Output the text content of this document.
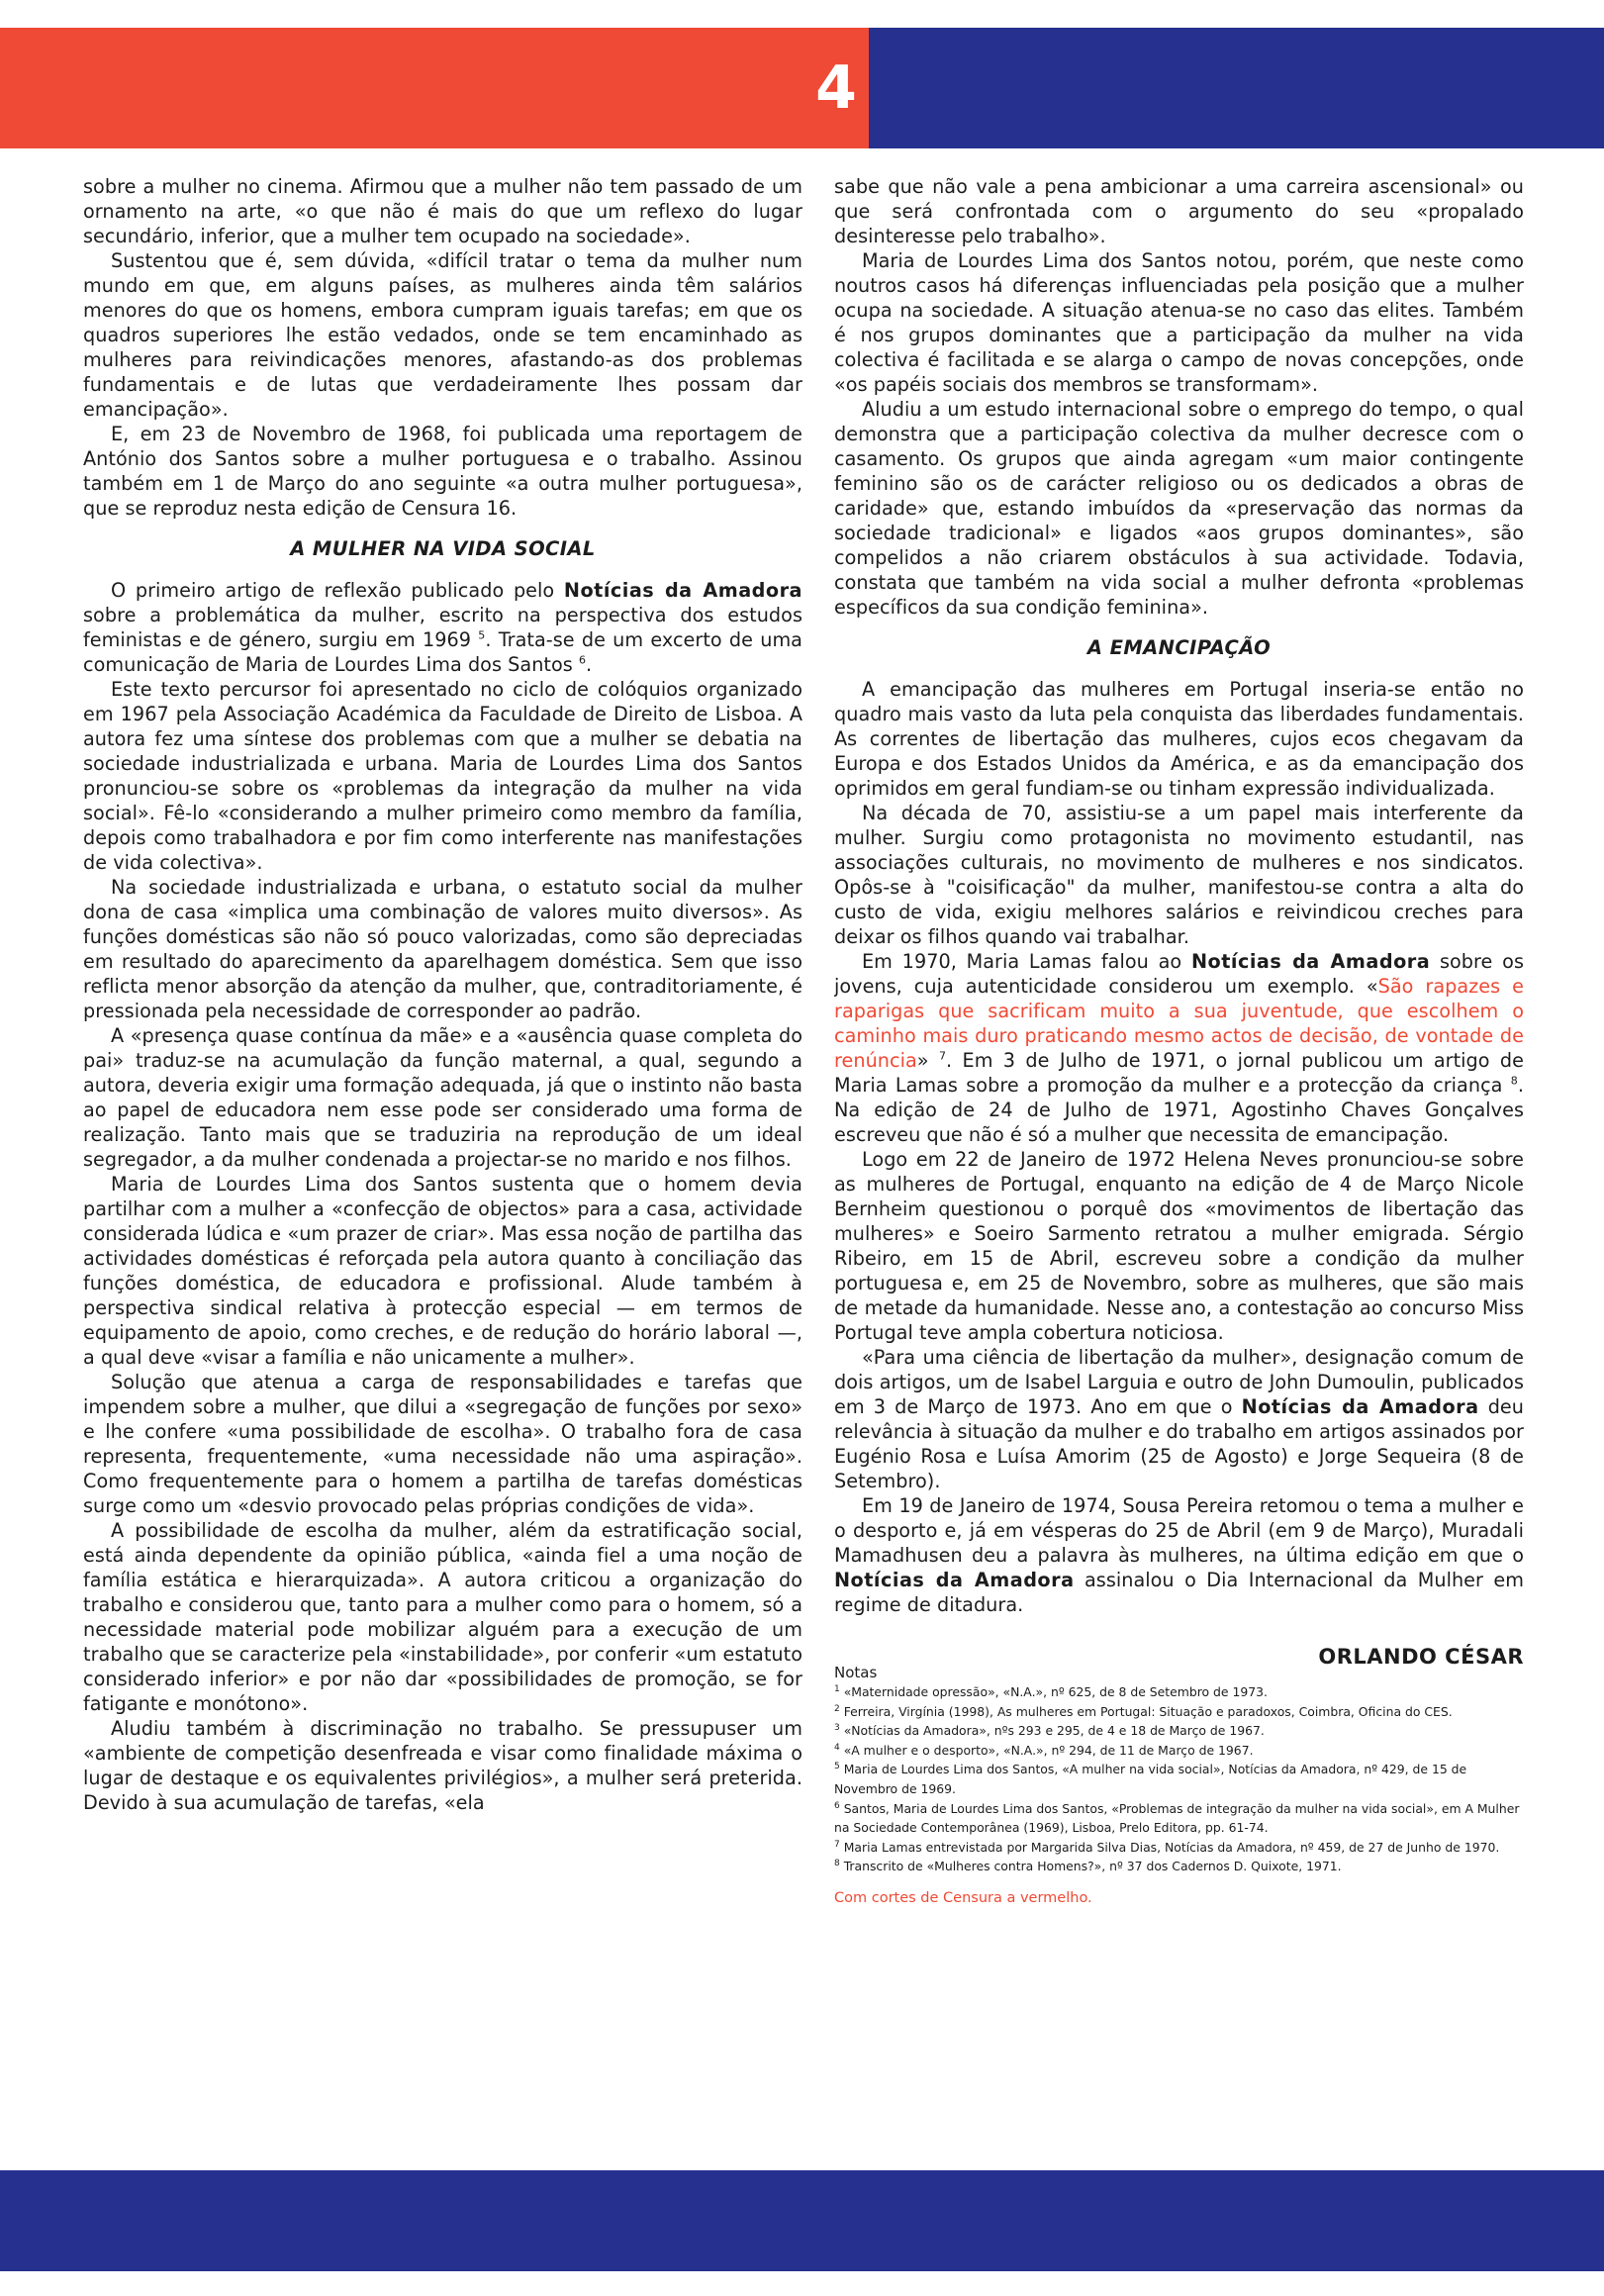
4

sobre a mulher no cinema. Afirmou que a mulher não tem passado de um ornamento na arte, «o que não é mais do que um reflexo do lugar secundário, inferior, que a mulher tem ocupado na sociedade».

Sustentou que é, sem dúvida, «difícil tratar o tema da mulher num mundo em que, em alguns países, as mulheres ainda têm salários menores do que os homens, embora cumpram iguais tarefas; em que os quadros superiores lhe estão vedados, onde se tem encaminhado as mulheres para reivindicações menores, afastando-as dos problemas fundamentais e de lutas que verdadeiramente lhes possam dar emancipação».

E, em 23 de Novembro de 1968, foi publicada uma reportagem de António dos Santos sobre a mulher portuguesa e o trabalho. Assinou também em 1 de Março do ano seguinte «a outra mulher portuguesa», que se reproduz nesta edição de Censura 16.

A MULHER NA VIDA SOCIAL

O primeiro artigo de reflexão publicado pelo Notícias da Amadora sobre a problemática da mulher, escrito na perspectiva dos estudos feministas e de género, surgiu em 1969 $^5$. Trata-se de um excerto de uma comunicação de Maria de Lourdes Lima dos Santos $^6$.

Este texto percursor foi apresentado no ciclo de colóquios organizado em 1967 pela Associação Académica da Faculdade de Direito de Lisboa. A autora fez uma síntese dos problemas com que a mulher se debatia na sociedade industrializada e urbana. Maria de Lourdes Lima dos Santos pronunciou-se sobre os «problemas da integração da mulher na vida social». Fê-lo «considerando a mulher primeiro como membro da família, depois como trabalhadora e por fim como interferente nas manifestações de vida colectiva».

Na sociedade industrializada e urbana, o estatuto social da mulher dona de casa «implica uma combinação de valores muito diversos». As funções domésticas são não só pouco valorizadas, como são depreciadas em resultado do aparecimento da aparelhagem doméstica. Sem que isso reflicta menor absorção da atenção da mulher, que, contraditoriamente, é pressionada pela necessidade de corresponder ao padrão.

A «presença quase contínua da mãe» e a «ausência quase completa do pai» traduz-se na acumulação da função maternal, a qual, segundo a autora, deveria exigir uma formação adequada, já que o instinto não basta ao papel de educadora nem esse pode ser considerado uma forma de realização. Tanto mais que se traduziria na reprodução de um ideal segregador, a da mulher condenada a projectar-se no marido e nos filhos.

Maria de Lourdes Lima dos Santos sustenta que o homem devia partilhar com a mulher a «confecção de objectos» para a casa, actividade considerada lúdica e «um prazer de criar». Mas essa noção de partilha das actividades domésticas é reforçada pela autora quanto à conciliação das funções doméstica, de educadora e profissional. Alude também à perspectiva sindical relativa à protecção especial — em termos de equipamento de apoio, como creches, e de redução do horário laboral —, a qual deve «visar a família e não unicamente a mulher».

Solução que atenua a carga de responsabilidades e tarefas que impendem sobre a mulher, que dilui a «segregação de funções por sexo» e lhe confere «uma possibilidade de escolha». O trabalho fora de casa representa, frequentemente, «uma necessidade não uma aspiração». Como frequentemente para o homem a partilha de tarefas domésticas surge como um «desvio provocado pelas próprias condições de vida».

A possibilidade de escolha da mulher, além da estratificação social, está ainda dependente da opinião pública, «ainda fiel a uma noção de família estática e hierarquizada». A autora criticou a organização do trabalho e considerou que, tanto para a mulher como para o homem, só a necessidade material pode mobilizar alguém para a execução de um trabalho que se caracterize pela «instabilidade», por conferir «um estatuto considerado inferior» e por não dar «possibilidades de promoção, se for fatigante e monótono».

Aludiu também à discriminação no trabalho. Se pressupuser um «ambiente de competição desenfreada e visar como finalidade máxima o lugar de destaque e os equivalentes privilégios», a mulher será preterida. Devido à sua acumulação de tarefas, «ela

sabe que não vale a pena ambicionar a uma carreira ascensional» ou que será confrontada com o argumento do seu «propalado desinteresse pelo trabalho».

Maria de Lourdes Lima dos Santos notou, porém, que neste como noutros casos há diferenças influenciadas pela posição que a mulher ocupa na sociedade. A situação atenua-se no caso das elites. Também é nos grupos dominantes que a participação da mulher na vida colectiva é facilitada e se alarga o campo de novas concepções, onde «os papéis sociais dos membros se transformam».

Aludiu a um estudo internacional sobre o emprego do tempo, o qual demonstra que a participação colectiva da mulher decresce com o casamento. Os grupos que ainda agregam «um maior contingente feminino são os de carácter religioso ou os dedicados a obras de caridade» que, estando imbuídos da «preservação das normas da sociedade tradicional» e ligados «aos grupos dominantes», são compelidos a não criarem obstáculos à sua actividade. Todavia, constata que também na vida social a mulher defronta «problemas específicos da sua condição feminina».

A EMANCIPAÇÃO

A emancipação das mulheres em Portugal inseria-se então no quadro mais vasto da luta pela conquista das liberdades fundamentais. As correntes de libertação das mulheres, cujos ecos chegavam da Europa e dos Estados Unidos da América, e as da emancipação dos oprimidos em geral fundiam-se ou tinham expressão individualizada.

Na década de 70, assistiu-se a um papel mais interferente da mulher. Surgiu como protagonista no movimento estudantil, nas associações culturais, no movimento de mulheres e nos sindicatos. Opôs-se à "coisificação" da mulher, manifestou-se contra a alta do custo de vida, exigiu melhores salários e reivindicou creches para deixar os filhos quando vai trabalhar.

Em 1970, Maria Lamas falou ao Notícias da Amadora sobre os jovens, cuja autenticidade considerou um exemplo. «São rapazes e raparigas que sacrificam muito a sua juventude, que escolhem o caminho mais duro praticando mesmo actos de decisão, de vontade de renúncia» $^7$. Em 3 de Julho de 1971, o jornal publicou um artigo de Maria Lamas sobre a promoção da mulher e a protecção da criança $^8$. Na edição de 24 de Julho de 1971, Agostinho Chaves Gonçalves escreveu que não é só a mulher que necessita de emancipação.

Logo em 22 de Janeiro de 1972 Helena Neves pronunciou-se sobre as mulheres de Portugal, enquanto na edição de 4 de Março Nicole Bernheim questionou o porquê dos «movimentos de libertação das mulheres» e Soeiro Sarmento retratou a mulher emigrada. Sérgio Ribeiro, em 15 de Abril, escreveu sobre a condição da mulher portuguesa e, em 25 de Novembro, sobre as mulheres, que são mais de metade da humanidade. Nesse ano, a contestação ao concurso Miss Portugal teve ampla cobertura noticiosa.

«Para uma ciência de libertação da mulher», designação comum de dois artigos, um de Isabel Larguia e outro de John Dumoulin, publicados em 3 de Março de 1973. Ano em que o Notícias da Amadora deu relevância à situação da mulher e do trabalho em artigos assinados por Eugénio Rosa e Luísa Amorim (25 de Agosto) e Jorge Sequeira (8 de Setembro).

Em 19 de Janeiro de 1974, Sousa Pereira retomou o tema a mulher e o desporto e, já em vésperas do 25 de Abril (em 9 de Março), Muradali Mamadhusen deu a palavra às mulheres, na última edição em que o Notícias da Amadora assinalou o Dia Internacional da Mulher em regime de ditadura.

ORLANDO CÉSAR
Notas
$^1$ «Maternidade opressão», «N.A.», nº 625, de 8 de Setembro de 1973.
$^2$ Ferreira, Virgínia (1998), As mulheres em Portugal: Situação e paradoxos, Coimbra, Oficina do CES.
$^3$ «Notícias da Amadora», nºs 293 e 295, de 4 e 18 de Março de 1967.
$^4$ «A mulher e o desporto», «N.A.», nº 294, de 11 de Março de 1967.
$^5$ Maria de Lourdes Lima dos Santos, «A mulher na vida social», Notícias da Amadora, nº 429, de 15 de Novembro de 1969.
$^6$ Santos, Maria de Lourdes Lima dos Santos, «Problemas de integração da mulher na vida social», em A Mulher na Sociedade Contemporânea (1969), Lisboa, Prelo Editora, pp. 61-74.
$^7$ Maria Lamas entrevistada por Margarida Silva Dias, Notícias da Amadora, nº 459, de 27 de Junho de 1970.
$^8$ Transcrito de «Mulheres contra Homens?», nº 37 dos Cadernos D. Quixote, 1971.
Com cortes de Censura a vermelho.
